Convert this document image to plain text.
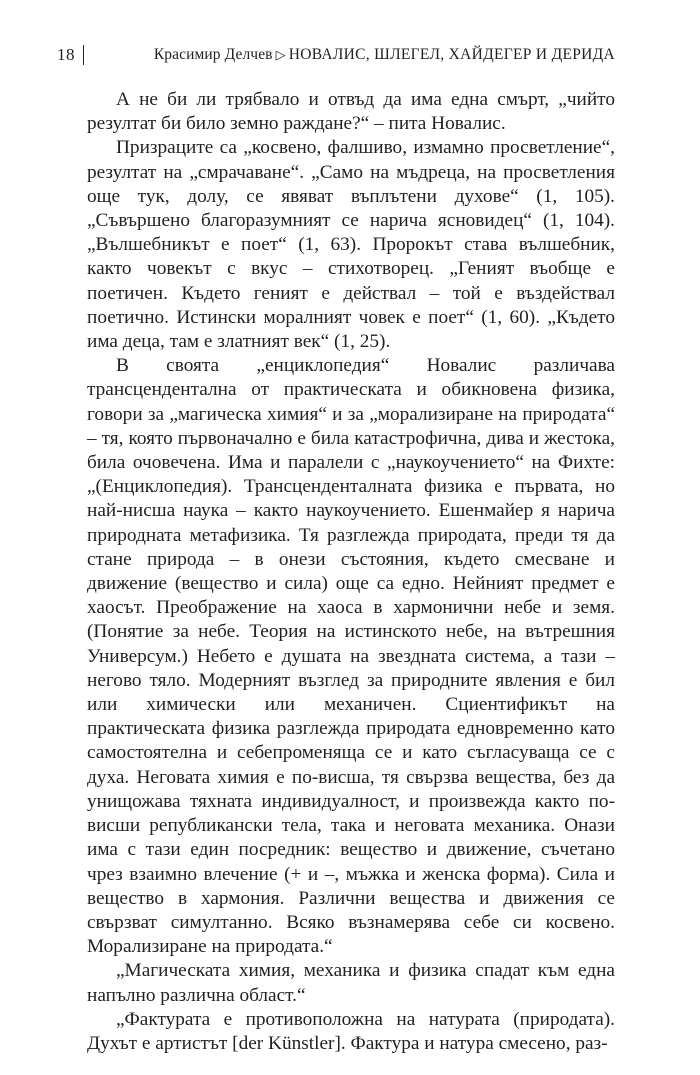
18	Красимир Делчев ▷ НОВАЛИС, ШЛЕГЕЛ, ХАЙДЕГЕР И ДЕРИДА

А не би ли трябвало и отвъд да има една смърт, „чийто резултат би било земно раждане?“ – пита Новалис.

Призраците са „косвено, фалшиво, измамно просветление“, резултат на „смрачаване“. „Само на мъдреца, на просветления още тук, долу, се явяват въплътени духове“ (1, 105). „Съвършено благоразумният се нарича ясновидец“ (1, 104). „Вълшебникът е поет“ (1, 63). Пророкът става вълшебник, както човекът с вкус – стихотворец. „Геният въобще е поетичен. Където геният е действал – той е въздействал поетично. Истински моралният човек е поет“ (1, 60). „Където има деца, там е златният век“ (1, 25).

В своята „енциклопедия“ Новалис различава трансцендентална от практическата и обикновена физика, говори за „магическа химия“ и за „морализиране на природата“ – тя, която първоначално е била катастрофична, дива и жестока, била очовечена. Има и паралели с „наукоучението“ на Фихте: „(Енциклопедия). Трансценденталната физика е първата, но най-нисша наука – както наукоучението. Ешенмайер я нарича природната метафизика. Тя разглежда природата, преди тя да стане природа – в онези състояния, където смесване и движение (вещество и сила) още са едно. Нейният предмет е хаосът. Преображение на хаоса в хармонични небе и земя. (Понятие за небе. Теория на истинското небе, на вътрешния Универсум.) Небето е душата на звездната система, а тази – негово тяло. Модерният възглед за природните явления е бил или химически или механичен. Сциентификът на практическата физика разглежда природата едновременно като самостоятелна и себепроменяща се и като съгласуваща се с духа. Неговата химия е по-висша, тя свързва вещества, без да унищожава тяхната индивидуалност, и произвежда както по-висши републикански тела, така и неговата механика. Онази има с тази един посредник: вещество и движение, съчетано чрез взаимно влечение (+ и –, мъжка и женска форма). Сила и вещество в хармония. Различни вещества и движения се свързват симултанно. Всяко възнамерява себе си косвено. Морализиране на природата.“

„Магическата химия, механика и физика спадат към една напълно различна област.“

„Фактурата е противоположна на натурата (природата). Духът е артистът [der Künstler]. Фактура и натура смесено, раз-
